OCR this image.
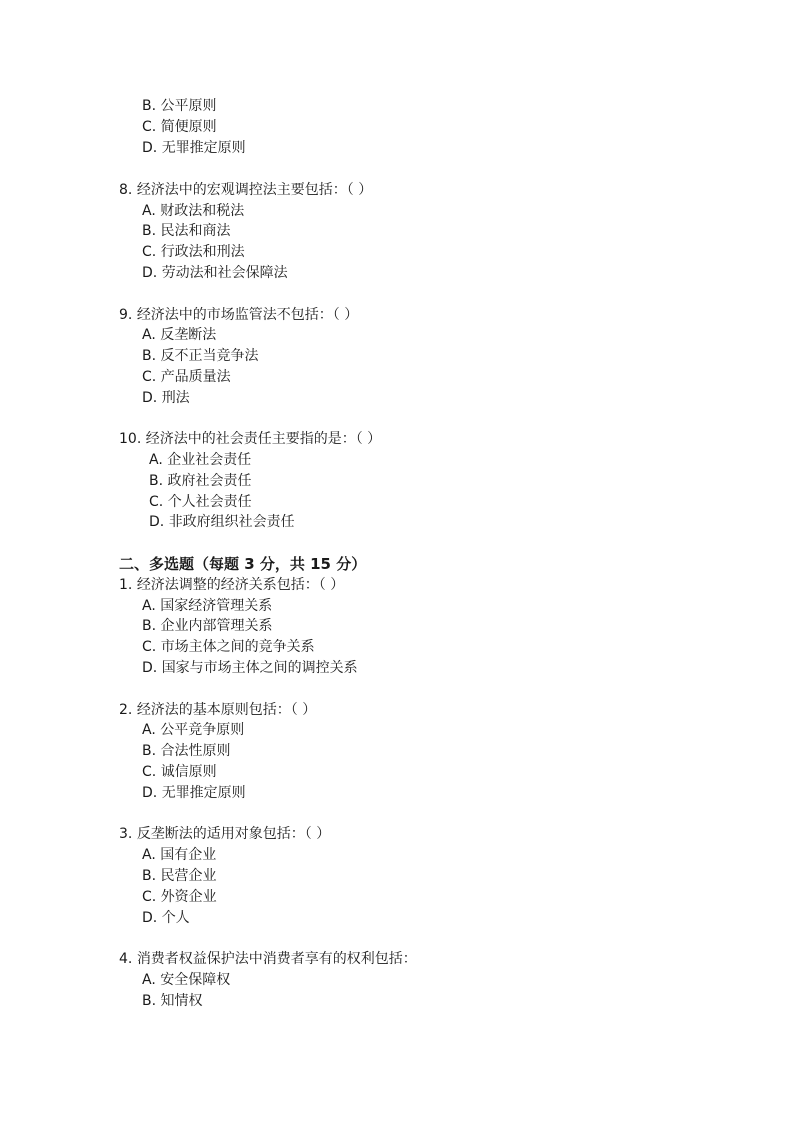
B. 公平原则
C. 简便原则
D. 无罪推定原则
8. 经济法中的宏观调控法主要包括：（ ）
A. 财政法和税法
B. 民法和商法
C. 行政法和刑法
D. 劳动法和社会保障法
9. 经济法中的市场监管法不包括：（ ）
A. 反垄断法
B. 反不正当竞争法
C. 产品质量法
D. 刑法
10. 经济法中的社会责任主要指的是：（ ）
A. 企业社会责任
B. 政府社会责任
C. 个人社会责任
D. 非政府组织社会责任
二、多选题（每题 3 分，共 15 分）
1. 经济法调整的经济关系包括：（ ）
A. 国家经济管理关系
B. 企业内部管理关系
C. 市场主体之间的竞争关系
D. 国家与市场主体之间的调控关系
2. 经济法的基本原则包括：（ ）
A. 公平竞争原则
B. 合法性原则
C. 诚信原则
D. 无罪推定原则
3. 反垄断法的适用对象包括：（ ）
A. 国有企业
B. 民营企业
C. 外资企业
D. 个人
4. 消费者权益保护法中消费者享有的权利包括：
A. 安全保障权
B. 知情权
